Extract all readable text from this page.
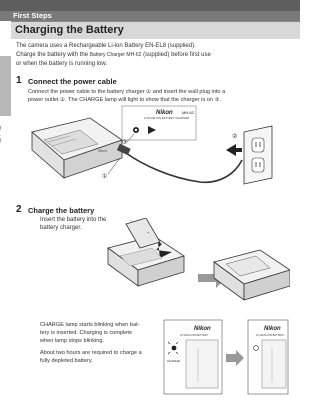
First Steps
Charging the Battery
The camera uses a Rechargeable Li-ion Battery EN-EL8 (supplied).
Charge the battery with the Battery Charger MH-62 (supplied) before first use
or when the battery is running low.
1 Connect the power cable
Connect the power cable to the battery charger ① and insert the wall plug into a
power outlet ②. The CHARGE lamp will light to show that the charger is on ③.
Nikon
Nikon MH-62
LITHIUM-ION BATTERY CHARGER
③
①
②
2 Charge the battery
Insert the battery into the
battery charger.
−
+
CHARGE lamp starts blinking when bat-
tery is inserted. Charging is complete
when lamp stops blinking.
About two hours are required to charge a
fully depleted battery.
Nikon
LITHIUM-ION BATTERY
CHARGE
Nikon
LITHIUM-ION BATTERY
